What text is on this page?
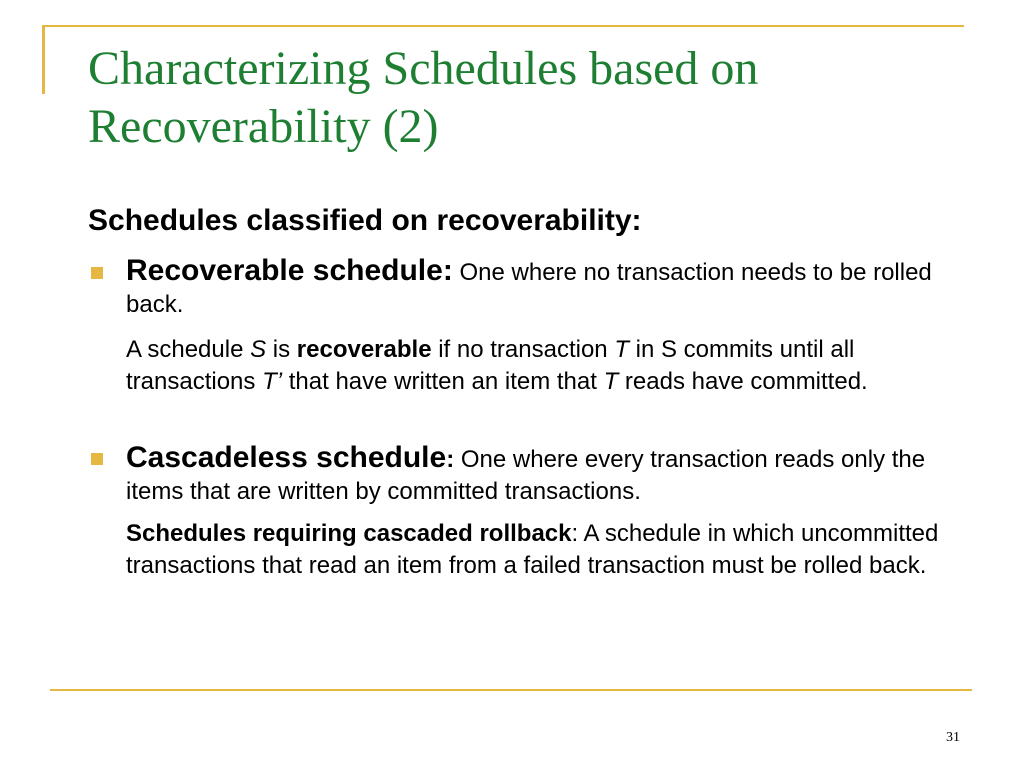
Characterizing Schedules based on
Recoverability (2)

Schedules classified on recoverability:

Recoverable schedule: One where no transaction needs to be rolled back.

A schedule S is recoverable if no transaction T in S commits until all transactions T’ that have written an item that T reads have committed.

Cascadeless schedule: One where every transaction reads only the items that are written by committed transactions.

Schedules requiring cascaded rollback: A schedule in which uncommitted transactions that read an item from a failed transaction must be rolled back.

31
